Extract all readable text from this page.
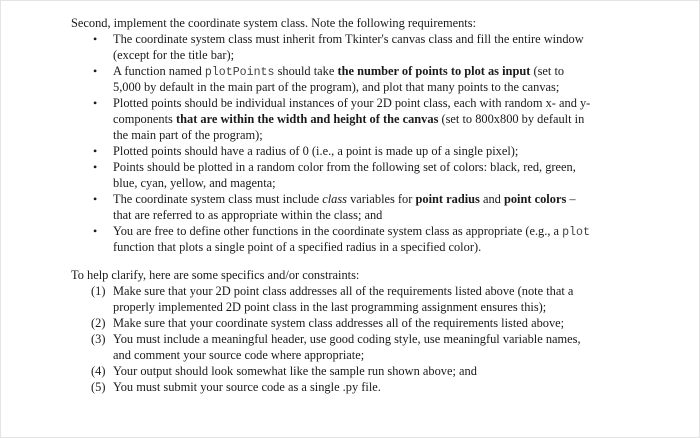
Second, implement the coordinate system class. Note the following requirements:
• The coordinate system class must inherit from Tkinter's canvas class and fill the entire window
(except for the title bar);
• A function named plotPoints should take the number of points to plot as input (set to
5,000 by default in the main part of the program), and plot that many points to the canvas;
• Plotted points should be individual instances of your 2D point class, each with random x- and y-
components that are within the width and height of the canvas (set to 800x800 by default in
the main part of the program);
• Plotted points should have a radius of 0 (i.e., a point is made up of a single pixel);
• Points should be plotted in a random color from the following set of colors: black, red, green,
blue, cyan, yellow, and magenta;
• The coordinate system class must include class variables for point radius and point colors –
that are referred to as appropriate within the class; and
• You are free to define other functions in the coordinate system class as appropriate (e.g., a plot
function that plots a single point of a specified radius in a specified color).
To help clarify, here are some specifics and/or constraints:
(1) Make sure that your 2D point class addresses all of the requirements listed above (note that a
properly implemented 2D point class in the last programming assignment ensures this);
(2) Make sure that your coordinate system class addresses all of the requirements listed above;
(3) You must include a meaningful header, use good coding style, use meaningful variable names,
and comment your source code where appropriate;
(4) Your output should look somewhat like the sample run shown above; and
(5) You must submit your source code as a single .py file.
